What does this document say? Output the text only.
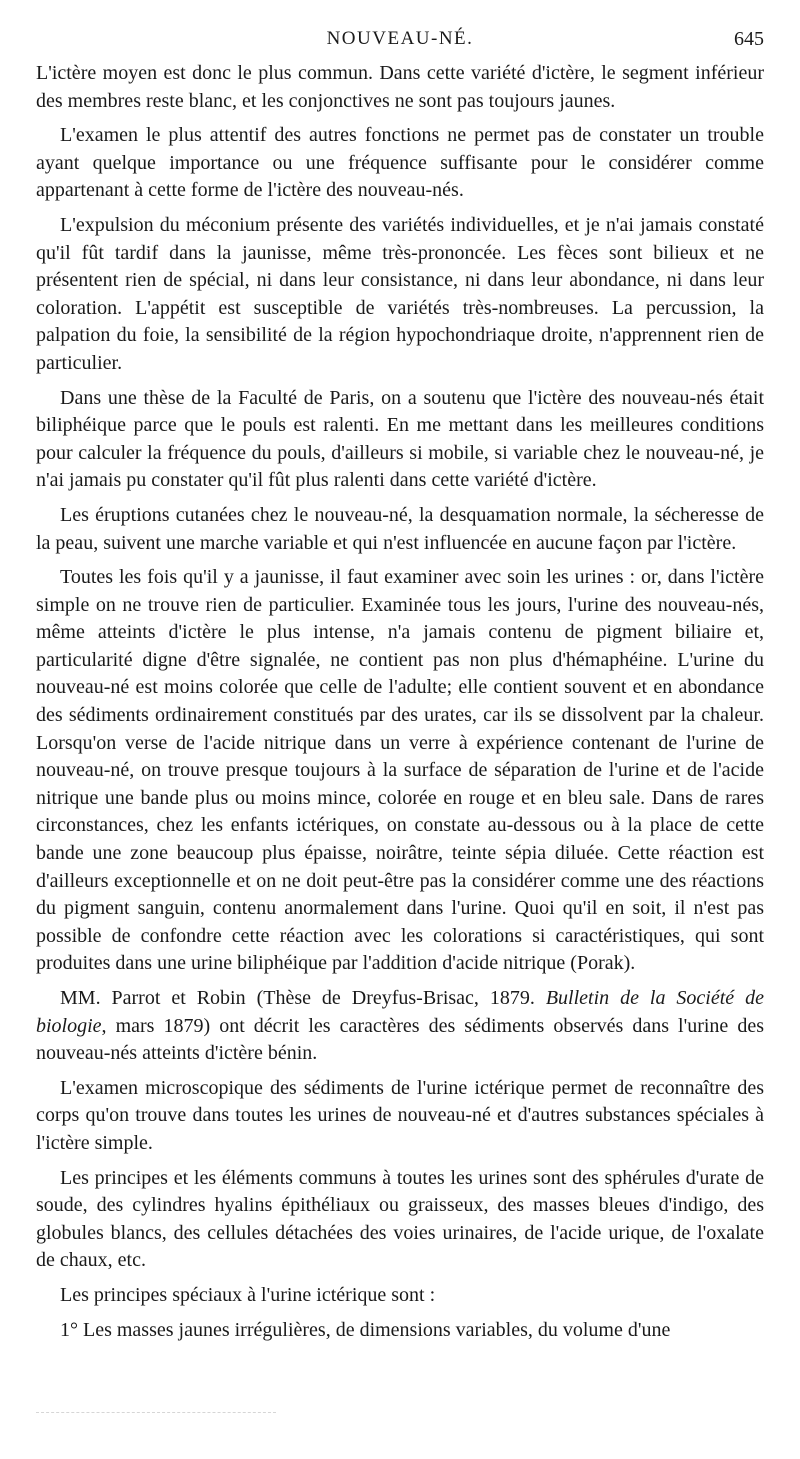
NOUVEAU-NÉ.	645

L'ictère moyen est donc le plus commun. Dans cette variété d'ictère, le segment inférieur des membres reste blanc, et les conjonctives ne sont pas toujours jaunes.

L'examen le plus attentif des autres fonctions ne permet pas de constater un trouble ayant quelque importance ou une fréquence suffisante pour le considérer comme appartenant à cette forme de l'ictère des nouveau-nés.

L'expulsion du méconium présente des variétés individuelles, et je n'ai jamais constaté qu'il fût tardif dans la jaunisse, même très-prononcée. Les fèces sont bilieux et ne présentent rien de spécial, ni dans leur consistance, ni dans leur abondance, ni dans leur coloration. L'appétit est susceptible de variétés très-nombreuses. La percussion, la palpation du foie, la sensibilité de la région hypochondriaque droite, n'apprennent rien de particulier.

Dans une thèse de la Faculté de Paris, on a soutenu que l'ictère des nouveau-nés était biliphéique parce que le pouls est ralenti. En me mettant dans les meilleures conditions pour calculer la fréquence du pouls, d'ailleurs si mobile, si variable chez le nouveau-né, je n'ai jamais pu constater qu'il fût plus ralenti dans cette variété d'ictère.

Les éruptions cutanées chez le nouveau-né, la desquamation normale, la sécheresse de la peau, suivent une marche variable et qui n'est influencée en aucune façon par l'ictère.

Toutes les fois qu'il y a jaunisse, il faut examiner avec soin les urines : or, dans l'ictère simple on ne trouve rien de particulier. Examinée tous les jours, l'urine des nouveau-nés, même atteints d'ictère le plus intense, n'a jamais contenu de pigment biliaire et, particularité digne d'être signalée, ne contient pas non plus d'hémaphéine. L'urine du nouveau-né est moins colorée que celle de l'adulte; elle contient souvent et en abondance des sédiments ordinairement constitués par des urates, car ils se dissolvent par la chaleur. Lorsqu'on verse de l'acide nitrique dans un verre à expérience contenant de l'urine de nouveau-né, on trouve presque toujours à la surface de séparation de l'urine et de l'acide nitrique une bande plus ou moins mince, colorée en rouge et en bleu sale. Dans de rares circonstances, chez les enfants ictériques, on constate au-dessous ou à la place de cette bande une zone beaucoup plus épaisse, noirâtre, teinte sépia diluée. Cette réaction est d'ailleurs exceptionnelle et on ne doit peut-être pas la considérer comme une des réactions du pigment sanguin, contenu anormalement dans l'urine. Quoi qu'il en soit, il n'est pas possible de confondre cette réaction avec les colorations si caractéristiques, qui sont produites dans une urine biliphéique par l'addition d'acide nitrique (Porak).

MM. Parrot et Robin (Thèse de Dreyfus-Brisac, 1879. Bulletin de la Société de biologie, mars 1879) ont décrit les caractères des sédiments observés dans l'urine des nouveau-nés atteints d'ictère bénin.

L'examen microscopique des sédiments de l'urine ictérique permet de reconnaître des corps qu'on trouve dans toutes les urines de nouveau-né et d'autres substances spéciales à l'ictère simple.

Les principes et les éléments communs à toutes les urines sont des sphérules d'urate de soude, des cylindres hyalins épithéliaux ou graisseux, des masses bleues d'indigo, des globules blancs, des cellules détachées des voies urinaires, de l'acide urique, de l'oxalate de chaux, etc.

Les principes spéciaux à l'urine ictérique sont :

1° Les masses jaunes irrégulières, de dimensions variables, du volume d'une
